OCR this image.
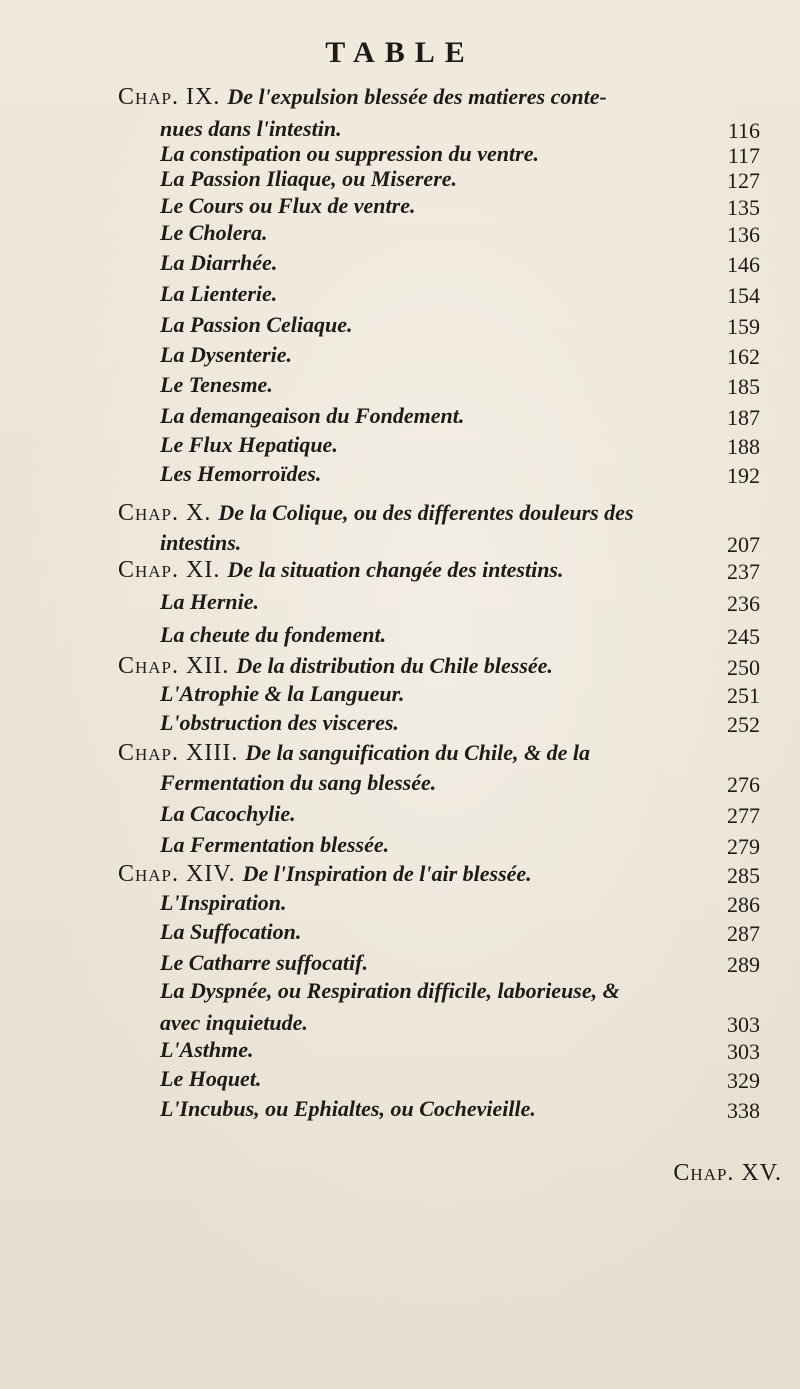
TABLE
Chap. IX. De l'expulsion blessée des matieres conte-
nues dans l'intestin.	116
La constipation ou suppression du ventre.	117
La Passion Iliaque, ou Miserere.	127
Le Cours ou Flux de ventre.	135
Le Cholera.	136
La Diarrhée.	146
La Lienterie.	154
La Passion Celiaque.	159
La Dysenterie.	162
Le Tenesme.	185
La demangeaison du Fondement.	187
Le Flux Hepatique.	188
Les Hemorroïdes.	192
Chap. X. De la Colique, ou des differentes douleurs des
intestins.	207
Chap. XI. De la situation changée des intestins.	237
La Hernie.	236
La cheute du fondement.	245
Chap. XII. De la distribution du Chile blessée.	250
L'Atrophie & la Langueur.	251
L'obstruction des visceres.	252
Chap. XIII. De la sanguification du Chile, & de la
Fermentation du sang blessée.	276
La Cacochylie.	277
La Fermentation blessée.	279
Chap. XIV. De l'Inspiration de l'air blessée.	285
L'Inspiration.	286
La Suffocation.	287
Le Catharre suffocatif.	289
La Dyspnée, ou Respiration difficile, laborieuse, &
avec inquietude.	303
L'Asthme.	303
Le Hoquet.	329
L'Incubus, ou Ephialtes, ou Cochevieille.	338
Chap. XV.
